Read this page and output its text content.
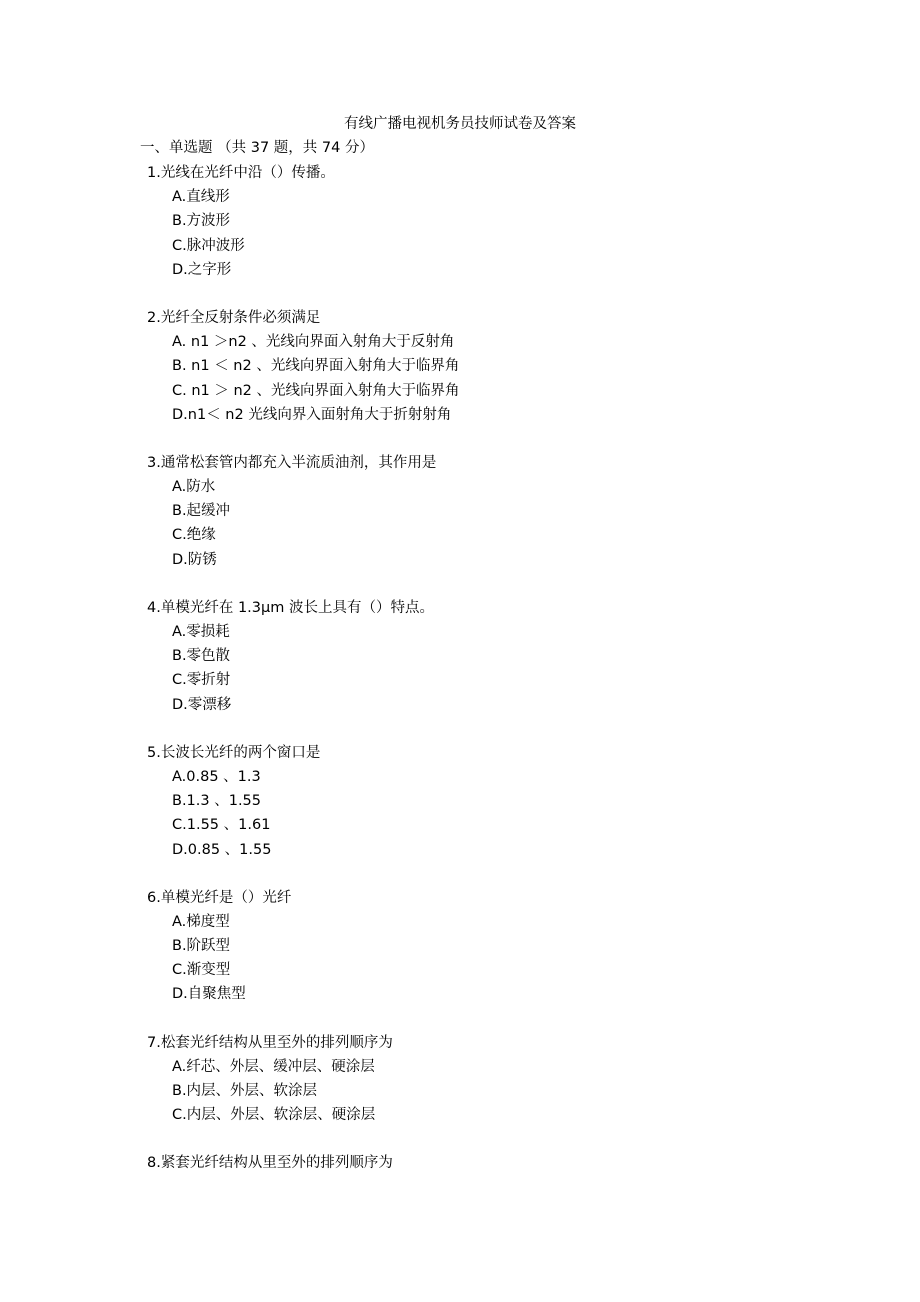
有线广播电视机务员技师试卷及答案
一、单选题 （共 37 题，共 74 分）
1.光线在光纤中沿（）传播。
A.直线形
B.方波形
C.脉冲波形
D.之字形
2.光纤全反射条件必须满足
A. n1 ＞n2 、光线向界面入射角大于反射角
B. n1 ＜ n2 、光线向界面入射角大于临界角
C. n1 ＞ n2 、光线向界面入射角大于临界角
D.n1＜ n2 光线向界入面射角大于折射射角
3.通常松套管内都充入半流质油剂，其作用是
A.防水
B.起缓冲
C.绝缘
D.防锈
4.单模光纤在 1.3μm 波长上具有（）特点。
A.零损耗
B.零色散
C.零折射
D.零漂移
5.长波长光纤的两个窗口是
A.0.85 、1.3
B.1.3 、1.55
C.1.55 、1.61
D.0.85 、1.55
6.单模光纤是（）光纤
A.梯度型
B.阶跃型
C.渐变型
D.自聚焦型
7.松套光纤结构从里至外的排列顺序为
A.纤芯、外层、缓冲层、硬涂层
B.内层、外层、软涂层
C.内层、外层、软涂层、硬涂层
8.紧套光纤结构从里至外的排列顺序为
